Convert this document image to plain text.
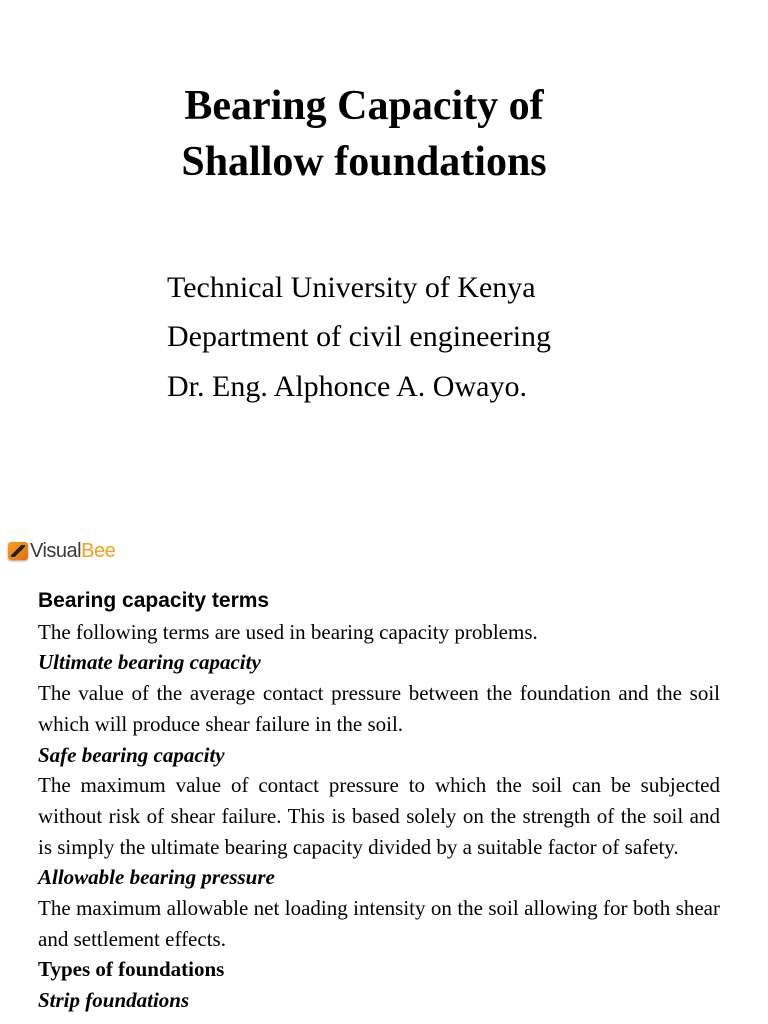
Bearing Capacity of
Shallow foundations
Technical University of Kenya
Department of civil engineering
Dr. Eng. Alphonce A. Owayo.
Visual Bee

Bearing capacity terms

The following terms are used in bearing capacity problems.

Ultimate bearing capacity

The value of the average contact pressure between the foundation and the soil which will produce shear failure in the soil.

Safe bearing capacity

The maximum value of contact pressure to which the soil can be subjected without risk of shear failure. This is based solely on the strength of the soil and is simply the ultimate bearing capacity divided by a suitable factor of safety.

Allowable bearing pressure

The maximum allowable net loading intensity on the soil allowing for both shear and settlement effects.

Types of foundations

Strip foundations
